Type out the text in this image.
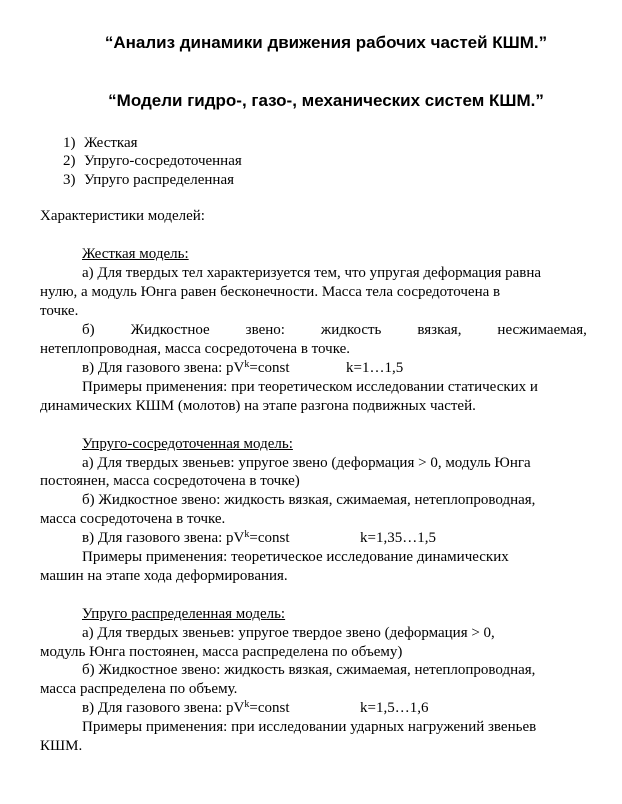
“Анализ динамики движения рабочих частей КШМ.”
“Модели гидро-, газо-, механических систем КШМ.”
1) Жесткая
2) Упруго-сосредоточенная
3) Упруго распределенная
Характеристики моделей:
Жесткая модель:
а) Для твердых тел характеризуется тем, что упругая деформация равна
нулю, а модуль Юнга равен бесконечности. Масса тела сосредоточена в
точке.
б) Жидкостное звено: жидкость вязкая, несжимаемая,
нетеплопроводная, масса сосредоточена в точке.
в) Для газового звена: $pV^k=const$	k=1…1,5
Примеры применения: при теоретическом исследовании статических и
динамических КШМ (молотов) на этапе разгона подвижных частей.
Упруго-сосредоточенная модель:
а) Для твердых звеньев: упругое звено (деформация > 0, модуль Юнга
постоянен, масса сосредоточена в точке)
б) Жидкостное звено: жидкость вязкая, сжимаемая, нетеплопроводная,
масса сосредоточена в точке.
в) Для газового звена: $pV^k=const$	k=1,35…1,5
Примеры применения: теоретическое исследование динамических
машин на этапе хода деформирования.
Упруго распределенная модель:
а) Для твердых звеньев: упругое твердое звено (деформация > 0,
модуль Юнга постоянен, масса распределена по объему)
б) Жидкостное звено: жидкость вязкая, сжимаемая, нетеплопроводная,
масса распределена по объему.
в) Для газового звена: $pV^k=const$	k=1,5…1,6
Примеры применения: при исследовании ударных нагружений звеньев
КШМ.
